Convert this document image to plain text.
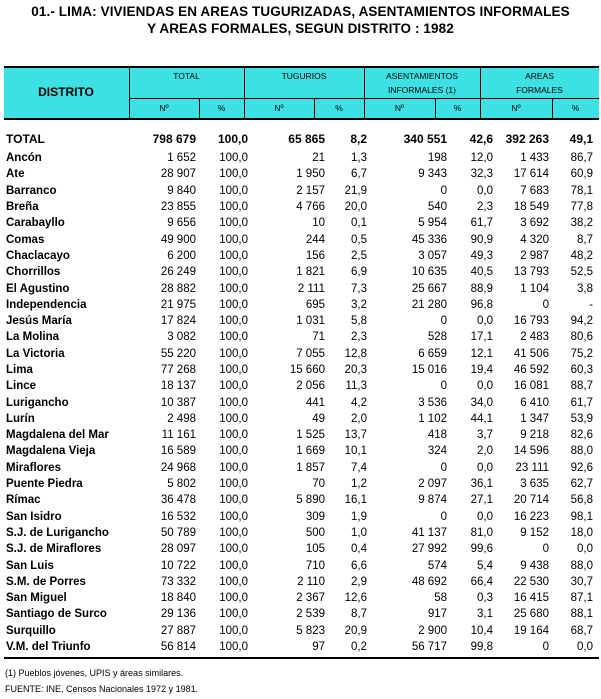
01.- LIMA: VIVIENDAS EN AREAS TUGURIZADAS, ASENTAMIENTOS INFORMALES
Y AREAS FORMALES, SEGUN DISTRITO : 1982
DISTRITO
TOTAL	TUGURIOS	ASENTAMIENTOS
INFORMALES (1)
AREAS
FORMALES
Nº	%	Nº	%	Nº	%	Nº	%
TOTAL	798 679	100,0	65 865	8,2	340 551	42,6	392 263	49,1
Ancón	1 652	100,0	21	1,3	198	12,0	1 433	86,7
Ate	28 907	100,0	1 950	6,7	9 343	32,3	17 614	60,9
Barranco	9 840	100,0	2 157	21,9	0	0,0	7 683	78,1
Breña	23 855	100,0	4 766	20,0	540	2,3	18 549	77,8
Carabayllo	9 656	100,0	10	0,1	5 954	61,7	3 692	38,2
Comas	49 900	100,0	244	0,5	45 336	90,9	4 320	8,7
Chaclacayo	6 200	100,0	156	2,5	3 057	49,3	2 987	48,2
Chorrillos	26 249	100,0	1 821	6,9	10 635	40,5	13 793	52,5
El Agustino	28 882	100,0	2 111	7,3	25 667	88,9	1 104	3,8
Independencia	21 975	100,0	695	3,2	21 280	96,8	0	-
Jesús María	17 824	100,0	1 031	5,8	0	0,0	16 793	94,2
La Molina	3 082	100,0	71	2,3	528	17,1	2 483	80,6
La Victoria	55 220	100,0	7 055	12,8	6 659	12,1	41 506	75,2
Lima	77 268	100,0	15 660	20,3	15 016	19,4	46 592	60,3
Lince	18 137	100,0	2 056	11,3	0	0,0	16 081	88,7
Lurigancho	10 387	100,0	441	4,2	3 536	34,0	6 410	61,7
Lurín	2 498	100,0	49	2,0	1 102	44,1	1 347	53,9
Magdalena del Mar	11 161	100,0	1 525	13,7	418	3,7	9 218	82,6
Magdalena Vieja	16 589	100,0	1 669	10,1	324	2,0	14 596	88,0
Miraflores	24 968	100,0	1 857	7,4	0	0,0	23 111	92,6
Puente Piedra	5 802	100,0	70	1,2	2 097	36,1	3 635	62,7
Rímac	36 478	100,0	5 890	16,1	9 874	27,1	20 714	56,8
San Isidro	16 532	100,0	309	1,9	0	0,0	16 223	98,1
S.J. de Lurigancho	50 789	100,0	500	1,0	41 137	81,0	9 152	18,0
S.J. de Miraflores	28 097	100,0	105	0,4	27 992	99,6	0	0,0
San Luis	10 722	100,0	710	6,6	574	5,4	9 438	88,0
S.M. de Porres	73 332	100,0	2 110	2,9	48 692	66,4	22 530	30,7
San Miguel	18 840	100,0	2 367	12,6	58	0,3	16 415	87,1
Santiago de Surco	29 136	100,0	2 539	8,7	917	3,1	25 680	88,1
Surquillo	27 887	100,0	5 823	20,9	2 900	10,4	19 164	68,7
V.M. del Triunfo	56 814	100,0	97	0,2	56 717	99,8	0	0,0
(1) Pueblos jóvenes, UPIS y áreas similares.
FUENTE: INE, Censos Nacionales 1972 y 1981.
